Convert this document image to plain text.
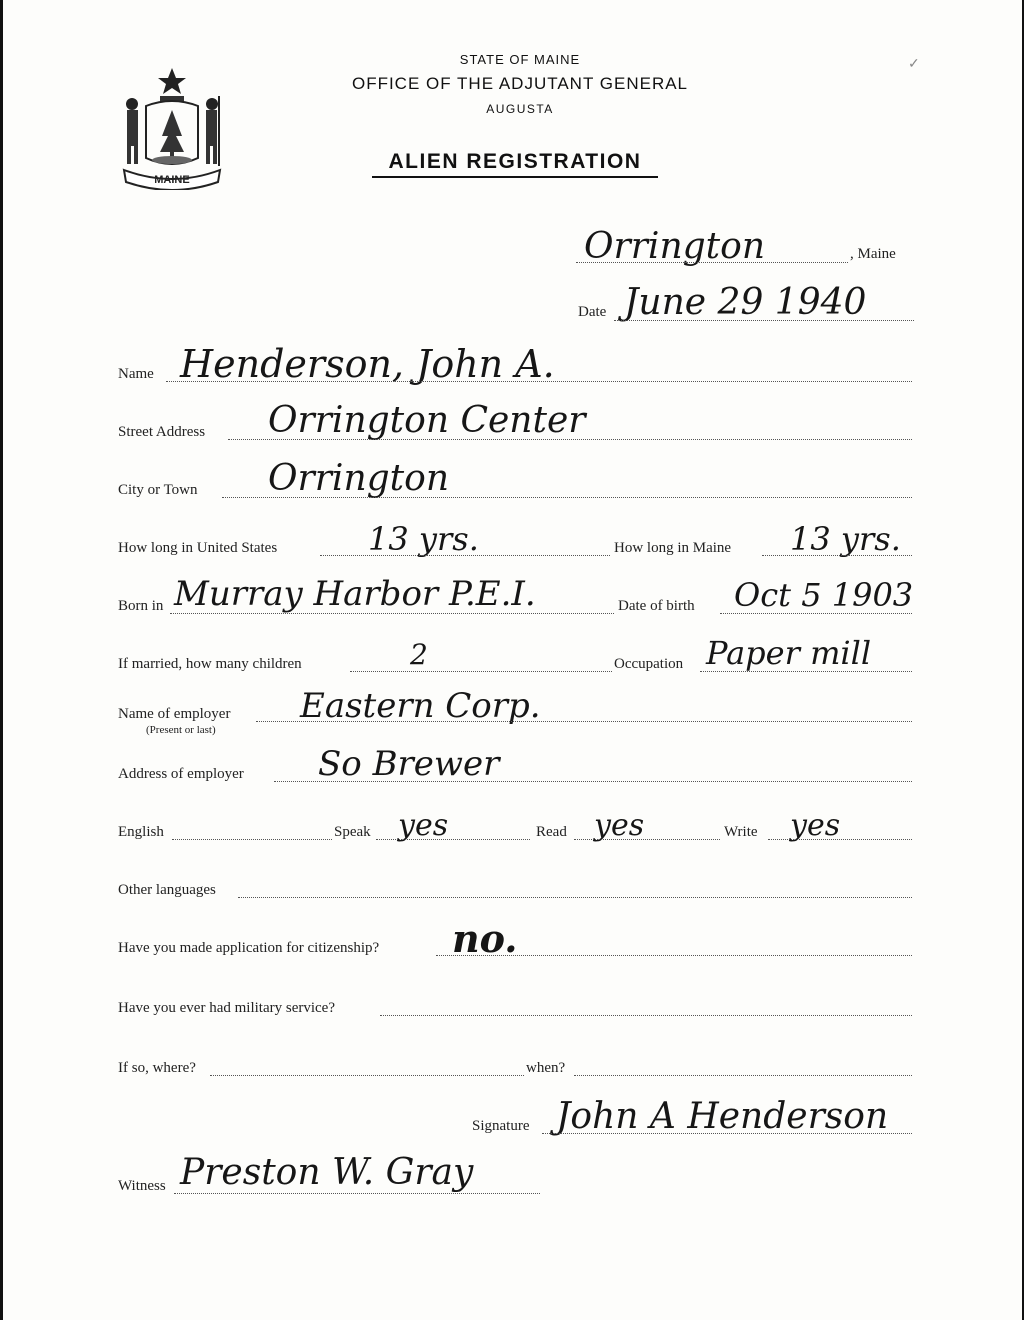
MAINE
STATE OF MAINE
OFFICE OF THE ADJUTANT GENERAL
AUGUSTA
ALIEN REGISTRATION
✓
Orrington	, Maine
Date June 29 1940
Name Henderson, John A.
Street Address Orrington Center
City or Town Orrington
How long in United States	13 yrs.	How long in Maine 13 yrs.
Born in Murray Harbor P.E.I.	Date of birth Oct 5 1903
If married, how many children	2	Occupation Paper mill
Name of employer
(Present or last)
Eastern Corp.
Address of employer So Brewer
English	Speak yes	Read yes	Write yes
Other languages
Have you made application for citizenship? no.
Have you ever had military service?
If so, where?	when?
Signature John A Henderson
Witness Preston W. Gray
